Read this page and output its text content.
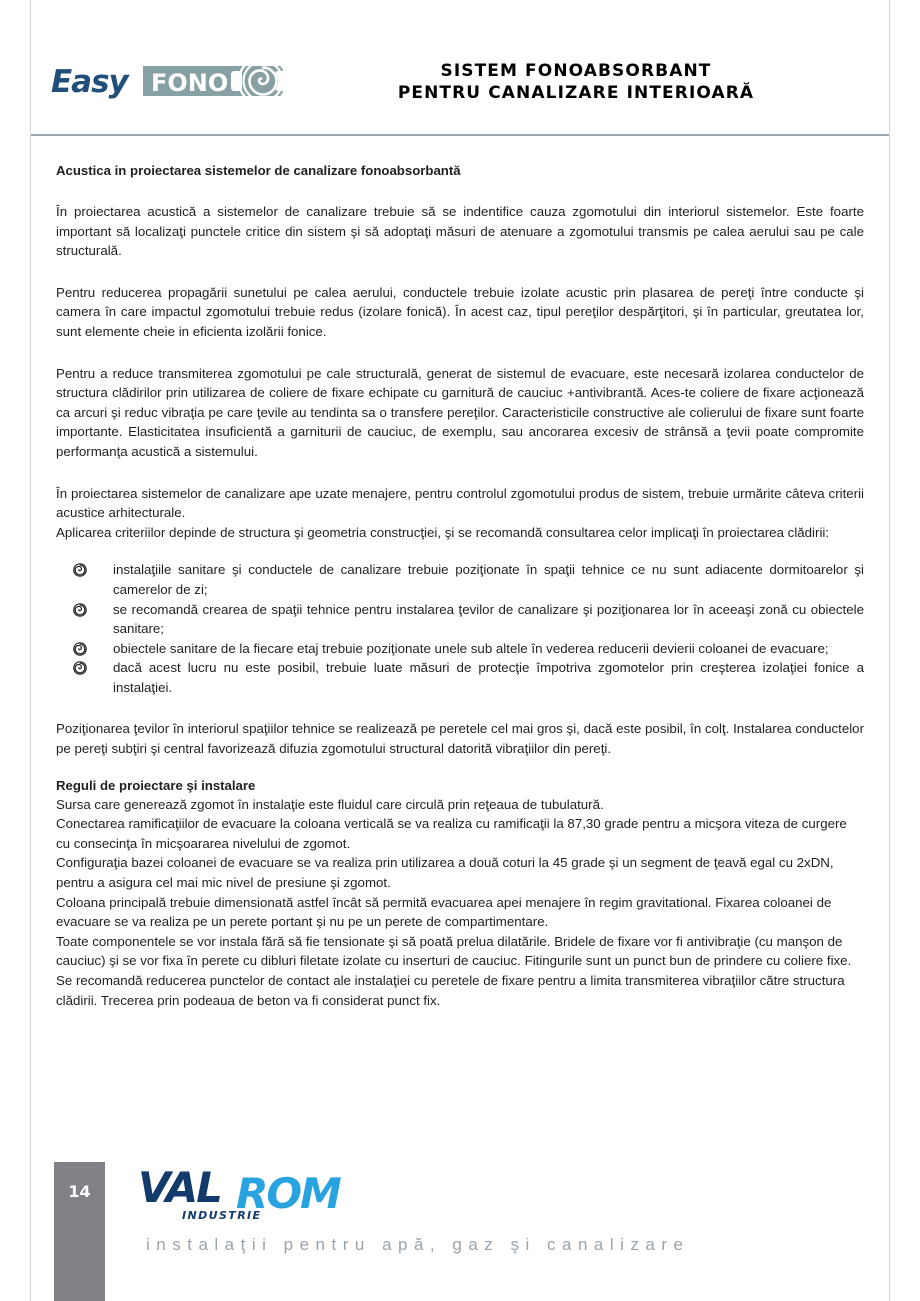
Easy FONO	SISTEM FONOABSORBANT
PENTRU CANALIZARE INTERIOARĂ
Acustica in proiectarea sistemelor de canalizare fonoabsorbantă

În proiectarea acustică a sistemelor de canalizare trebuie să se indentifice cauza zgomotului din interiorul sistemelor. Este foarte important să localizaţi punctele critice din sistem şi să adoptaţi măsuri de atenuare a zgomotului transmis pe calea aerului sau pe cale structurală.

Pentru reducerea propagării sunetului pe calea aerului, conductele trebuie izolate acustic prin plasarea de pereţi între conducte şi camera în care impactul zgomotului trebuie redus (izolare fonică). În acest caz, tipul pereţilor despărţitori, şi în particular, greutatea lor, sunt elemente cheie in eficienta izolării fonice.

Pentru a reduce transmiterea zgomotului pe cale structurală, generat de sistemul de evacuare, este necesară izolarea conductelor de structura clădirilor prin utilizarea de coliere de fixare echipate cu garnitură de cauciuc +antivibrantă. Aces-te coliere de fixare acţionează ca arcuri şi reduc vibraţia pe care ţevile au tendinta sa o transfere pereţilor. Caracteristicile constructive ale colierului de fixare sunt foarte importante. Elasticitatea insuficientă a garniturii de cauciuc, de exemplu, sau ancorarea excesiv de strânsă a ţevii poate compromite performanţa acustică a sistemului.

În proiectarea sistemelor de canalizare ape uzate menajere, pentru controlul zgomotului produs de sistem, trebuie urmărite câteva criterii acustice arhitecturale.

Aplicarea criteriilor depinde de structura şi geometria construcţiei, şi se recomandă consultarea celor implicaţi în proiectarea clădirii:

instalaţiile sanitare şi conductele de canalizare trebuie poziţionate în spaţii tehnice ce nu sunt adiacente dormitoarelor şi camerelor de zi;
se recomandă crearea de spaţii tehnice pentru instalarea ţevilor de canalizare şi poziţionarea lor în aceeaşi zonă cu obiectele sanitare;
obiectele sanitare de la fiecare etaj trebuie poziţionate unele sub altele în vederea reducerii devierii coloanei de evacuare;
dacă acest lucru nu este posibil, trebuie luate măsuri de protecţie împotriva zgomotelor prin creşterea izolaţiei fonice a instalaţiei.

Poziţionarea ţevilor în interiorul spaţiilor tehnice se realizează pe peretele cel mai gros şi, dacă este posibil, în colţ. Instalarea conductelor pe pereţi subţiri şi central favorizează difuzia zgomotului structural datorită vibraţiilor din pereţi.

Reguli de proiectare şi instalare

Sursa care generează zgomot în instalaţie este fluidul care circulă prin reţeaua de tubulatură.

Conectarea ramificaţiilor de evacuare la coloana verticală se va realiza cu ramificaţii la 87,30 grade pentru a micşora viteza de curgere cu consecinţa în micşoararea nivelului de zgomot.

Configuraţia bazei coloanei de evacuare se va realiza prin utilizarea a două coturi la 45 grade şi un segment de ţeavă egal cu 2xDN, pentru a asigura cel mai mic nivel de presiune şi zgomot.

Coloana principală trebuie dimensionată astfel încât să permită evacuarea apei menajere în regim gravitational. Fixarea coloanei de evacuare se va realiza pe un perete portant şi nu pe un perete de compartimentare.

Toate componentele se vor instala fără să fie tensionate şi să poată prelua dilatările. Bridele de fixare vor fi antivibraţie (cu manşon de cauciuc) şi se vor fixa în perete cu dibluri filetate izolate cu inserturi de cauciuc. Fitingurile sunt un punct bun de prindere cu coliere fixe.

Se recomandă reducerea punctelor de contact ale instalaţiei cu peretele de fixare pentru a limita transmiterea vibraţiilor către structura clădirii. Trecerea prin podeaua de beton va fi considerat punct fix.

14	VAL ROM
INDUSTRIE
instalaţii pentru apă, gaz şi canalizare
